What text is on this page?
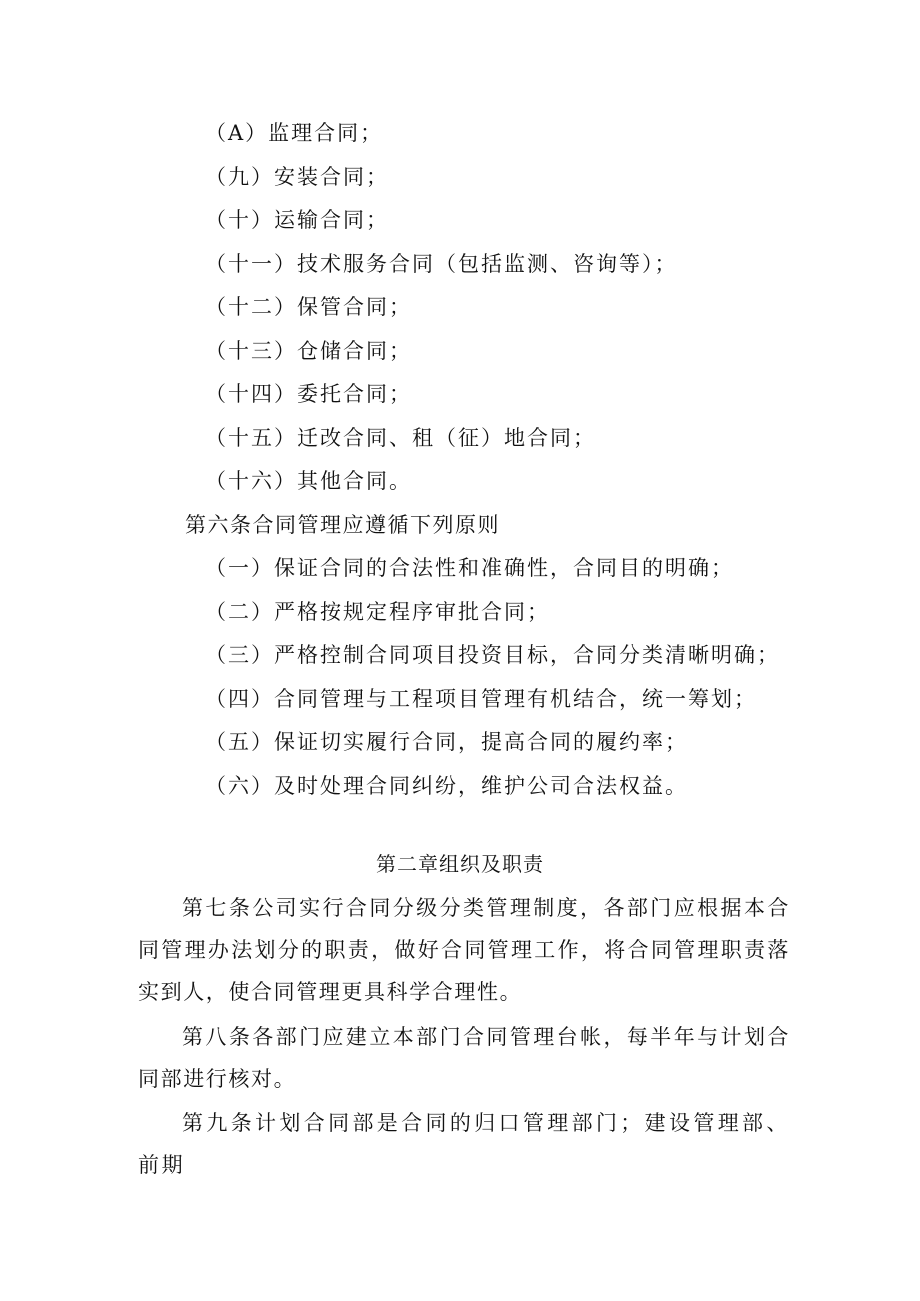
（A）监理合同；
（九）安装合同；
（十）运输合同；
（十一）技术服务合同（包括监测、咨询等）；
（十二）保管合同；
（十三）仓储合同；
（十四）委托合同；
（十五）迁改合同、租（征）地合同；
（十六）其他合同。
第六条合同管理应遵循下列原则
（一）保证合同的合法性和准确性，合同目的明确；
（二）严格按规定程序审批合同；
（三）严格控制合同项目投资目标，合同分类清晰明确；
（四）合同管理与工程项目管理有机结合，统一筹划；
（五）保证切实履行合同，提高合同的履约率；
（六）及时处理合同纠纷，维护公司合法权益。
第二章组织及职责
第七条公司实行合同分级分类管理制度，各部门应根据本合同管理办法划分的职责，做好合同管理工作，将合同管理职责落实到人，使合同管理更具科学合理性。
第八条各部门应建立本部门合同管理台帐，每半年与计划合同部进行核对。
第九条计划合同部是合同的归口管理部门；建设管理部、前期
